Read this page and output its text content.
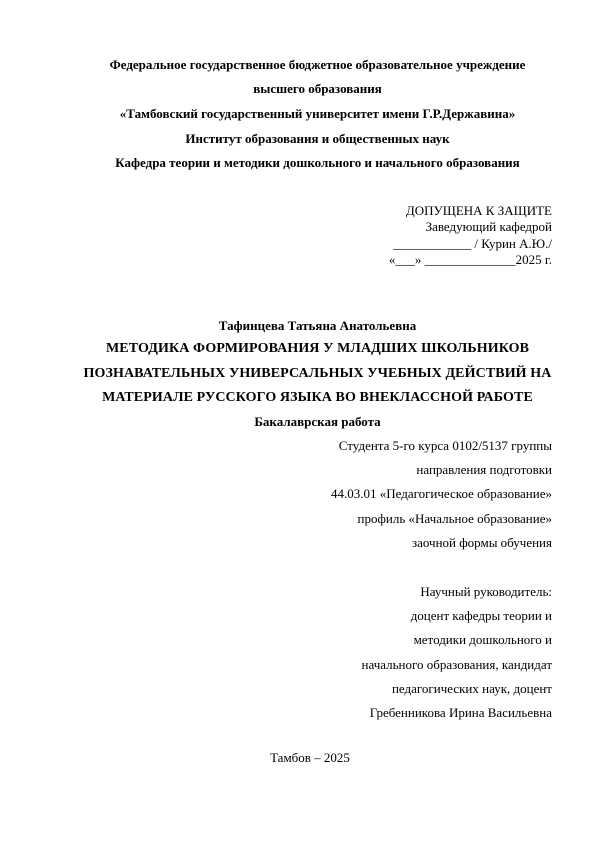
Федеральное государственное бюджетное образовательное учреждение
высшего образования
«Тамбовский государственный университет имени Г.Р.Державина»
Институт образования и общественных наук
Кафедра теории и методики дошкольного и начального образования
ДОПУЩЕНА К ЗАЩИТЕ
Заведующий кафедрой
____________ / Курин А.Ю./
«___» ______________2025 г.
Тафинцева Татьяна Анатольевна
МЕТОДИКА ФОРМИРОВАНИЯ У МЛАДШИХ ШКОЛЬНИКОВ
ПОЗНАВАТЕЛЬНЫХ УНИВЕРСАЛЬНЫХ УЧЕБНЫХ ДЕЙСТВИЙ НА
МАТЕРИАЛЕ РУССКОГО ЯЗЫКА ВО ВНЕКЛАССНОЙ РАБОТЕ
Бакалаврская работа
Студента 5-го курса 0102/5137 группы
направления подготовки
44.03.01 «Педагогическое образование»
профиль «Начальное образование»
заочной формы обучения
Научный руководитель:
доцент кафедры теории и
методики дошкольного и
начального образования, кандидат
педагогических наук, доцент
Гребенникова Ирина Васильевна
Тамбов – 2025
